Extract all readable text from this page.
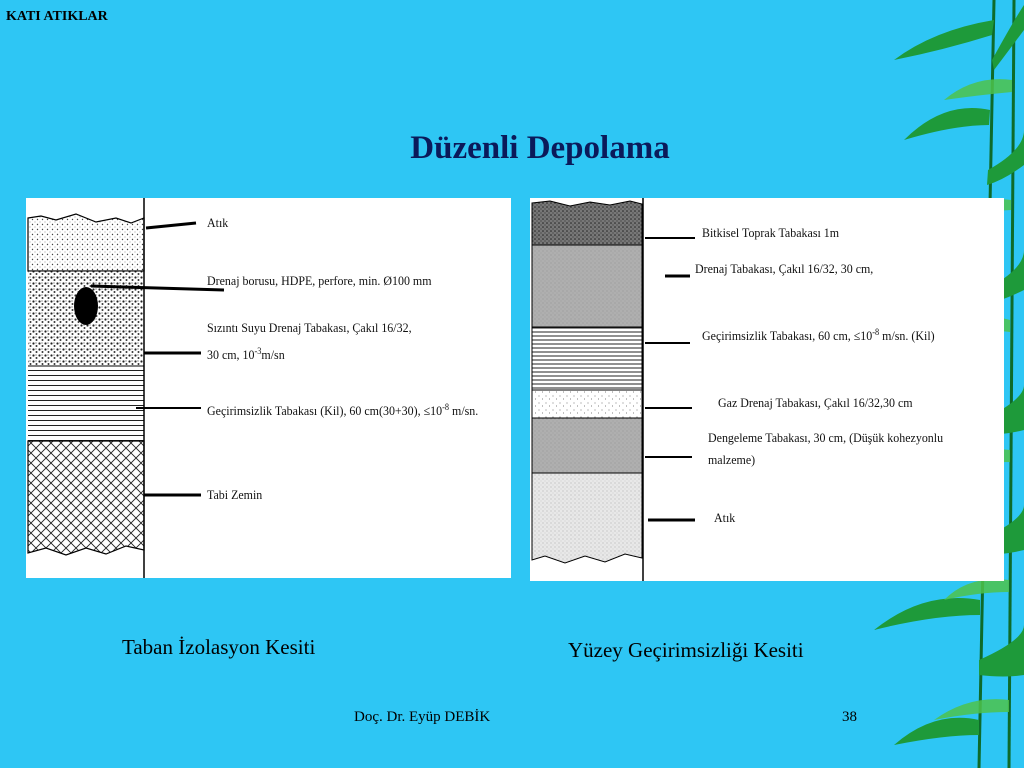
KATI ATIKLAR
Düzenli Depolama
Atık
Drenaj borusu, HDPE, perfore, min. Ø100 mm
Sızıntı Suyu Drenaj Tabakası, Çakıl 16/32,
30 cm, $10^{-3}m/sn$
Geçirimsizlik Tabakası (Kil), 60 cm(30+30), $\le 10^{-8}$ m/sn.
Tabi Zemin
Bitkisel Toprak Tabakası 1m
Drenaj Tabakası, Çakıl 16/32, 30 cm,
Geçirimsizlik Tabakası, 60 cm, $\le 10^{-8}$ m/sn. (Kil)
Gaz Drenaj Tabakası, Çakıl 16/32,30 cm
Dengeleme Tabakası, 30 cm, (Düşük kohezyonlu
malzeme)
Atık
Taban İzolasyon Kesiti	Yüzey Geçirimsizliği Kesiti
Doç. Dr. Eyüp DEBİK	38
